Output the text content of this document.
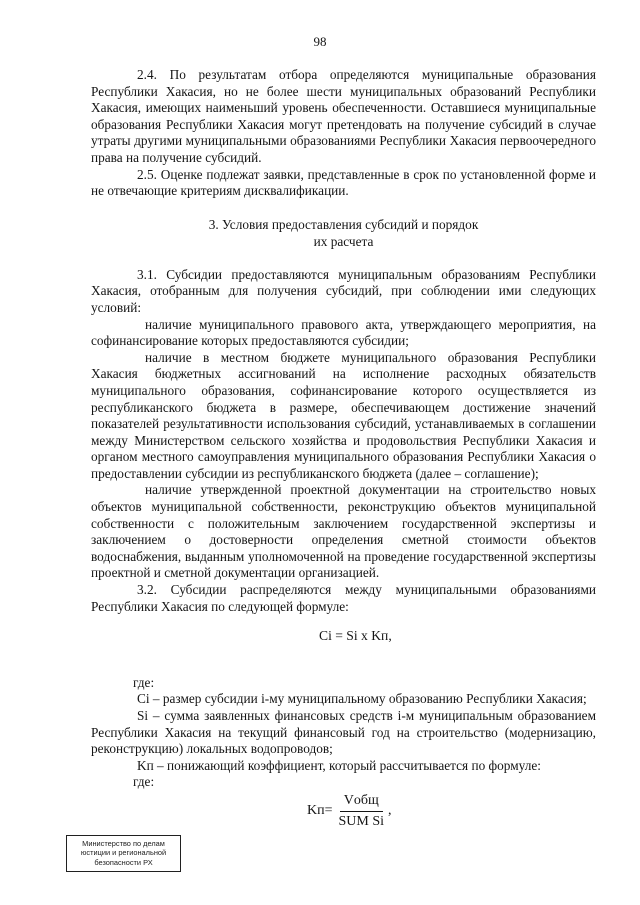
98

2.4. По результатам отбора определяются муниципальные образования Республики Хакасия, но не более шести муниципальных образований Республики Хакасия, имеющих наименьший уровень обеспеченности. Оставшиеся муниципальные образования Республики Хакасия могут претендовать на получение субсидий в случае утраты другими муниципальными образованиями Республики Хакасия первоочередного права на получение субсидий.

2.5. Оценке подлежат заявки, представленные в срок по установленной форме и не отвечающие критериям дисквалификации.

3. Условия предоставления субсидий и порядок
их расчета

3.1. Субсидии предоставляются муниципальным образованиям Республики Хакасия, отобранным для получения субсидий, при соблюдении ими следующих условий:

наличие муниципального правового акта, утверждающего мероприятия, на софинансирование которых предоставляются субсидии;

наличие в местном бюджете муниципального образования Республики Хакасия бюджетных ассигнований на исполнение расходных обязательств муниципального образования, софинансирование которого осуществляется из республиканского бюджета в размере, обеспечивающем достижение значений показателей результативности использования субсидий, устанавливаемых в соглашении между Министерством сельского хозяйства и продовольствия Республики Хакасия и органом местного самоуправления муниципального образования Республики Хакасия о предоставлении субсидии из республиканского бюджета (далее – соглашение);

наличие утвержденной проектной документации на строительство новых объектов муниципальной собственности, реконструкцию объектов муниципальной собственности с положительным заключением государственной экспертизы и заключением о достоверности определения сметной стоимости объектов водоснабжения, выданным уполномоченной на проведение государственной экспертизы проектной и сметной документации организацией.

3.2. Субсидии распределяются между муниципальными образованиями Республики Хакасия по следующей формуле:

Ci = Si x Kп,

где:

Ci – размер субсидии i-му муниципальному образованию Республики Хакасия;

Si – сумма заявленных финансовых средств i-м муниципальным образованием Республики Хакасия на текущий финансовый год на строительство (модернизацию, реконструкцию) локальных водопроводов;

Kп – понижающий коэффициент, который рассчитывается по формуле:

где:

$Kп= \frac{\text{Vобщ}}{\text{SUM Si}}$ ,
Министерство по делам
юстиции и региональной
безопасности РХ
